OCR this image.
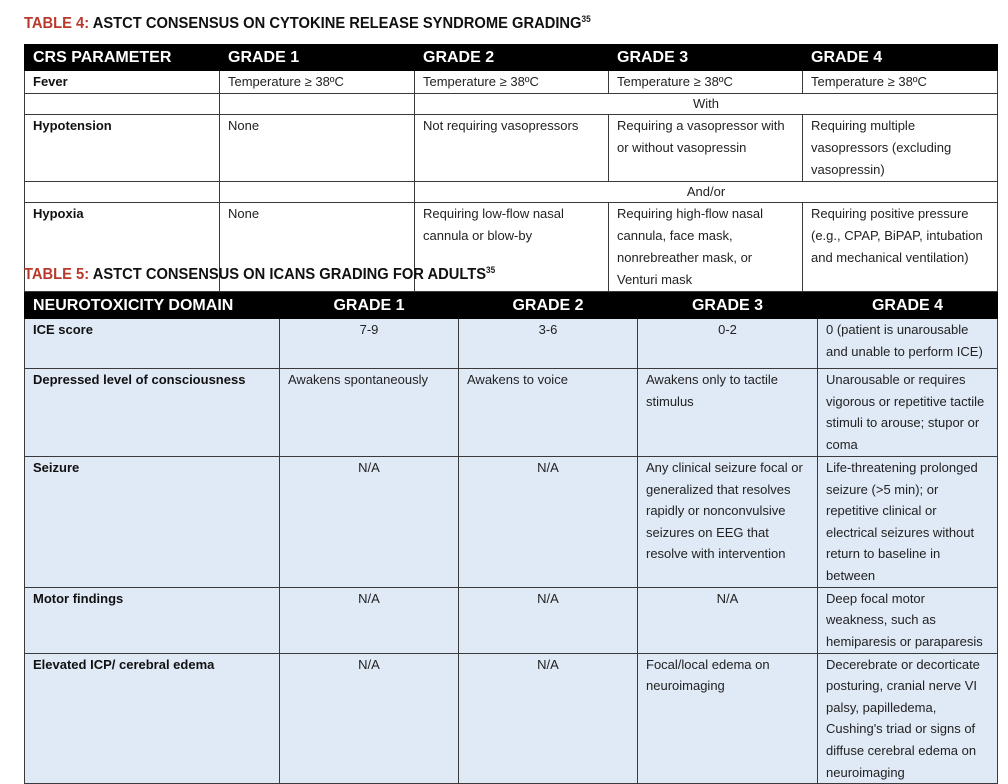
TABLE 4: ASTCT CONSENSUS ON CYTOKINE RELEASE SYNDROME GRADING$^{35}$

CRS PARAMETER	GRADE 1	GRADE 2	GRADE 3	GRADE 4
Fever	Temperature ≥ 38ºC	Temperature ≥ 38ºC	Temperature ≥ 38ºC	Temperature ≥ 38ºC
		With		
Hypotension	None	Not requiring vasopressors	Requiring a vasopressor with or without vasopressin	Requiring multiple vasopressors (excluding vasopressin)
		And/or		
Hypoxia	None	Requiring low-flow nasal cannula or blow-by	Requiring high-flow nasal cannula, face mask, nonrebreather mask, or Venturi mask	Requiring positive pressure (e.g., CPAP, BiPAP, intubation and mechanical ventilation)

TABLE 5: ASTCT CONSENSUS ON ICANS GRADING FOR ADULTS$^{35}$

NEUROTOXICITY DOMAIN	GRADE 1	GRADE 2	GRADE 3	GRADE 4
ICE score	7-9	3-6	0-2	0 (patient is unarousable and unable to perform ICE)
Depressed level of consciousness	Awakens spontaneously	Awakens to voice	Awakens only to tactile stimulus	Unarousable or requires vigorous or repetitive tactile stimuli to arouse; stupor or coma
Seizure	N/A	N/A	Any clinical seizure focal or generalized that resolves rapidly or nonconvulsive seizures on EEG that resolve with intervention	Life-threatening prolonged seizure (>5 min); or repetitive clinical or electrical seizures without return to baseline in between
Motor findings	N/A	N/A	N/A	Deep focal motor weakness, such as hemiparesis or paraparesis
Elevated ICP/ cerebral edema	N/A	N/A	Focal/local edema on neuroimaging	Decerebrate or decorticate posturing, cranial nerve VI palsy, papilledema, Cushing's triad or signs of diffuse cerebral edema on neuroimaging
